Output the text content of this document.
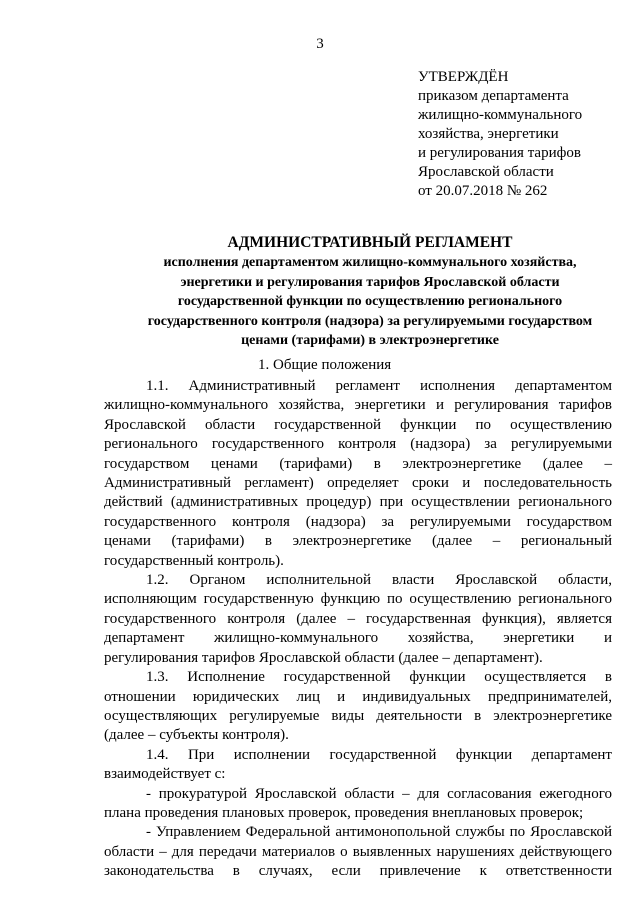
3
УТВЕРЖДЁН
приказом департамента
жилищно-коммунального
хозяйства, энергетики
и регулирования тарифов
Ярославской области
от 20.07.2018 № 262
АДМИНИСТРАТИВНЫЙ РЕГЛАМЕНТ
исполнения департаментом жилищно-коммунального хозяйства,
энергетики и регулирования тарифов Ярославской области
государственной функции по осуществлению регионального
государственного контроля (надзора) за регулируемыми государством
ценами (тарифами) в электроэнергетике
1. Общие положения
1.1. Административный регламент исполнения департаментом
жилищно-коммунального хозяйства, энергетики и регулирования тарифов
Ярославской области государственной функции по осуществлению
регионального государственного контроля (надзора) за регулируемыми
государством ценами (тарифами) в электроэнергетике (далее –
Административный регламент) определяет сроки и последовательность
действий (административных процедур) при осуществлении регионального
государственного контроля (надзора) за регулируемыми государством
ценами (тарифами) в электроэнергетике (далее – региональный
государственный контроль).
1.2. Органом исполнительной власти Ярославской области,
исполняющим государственную функцию по осуществлению регионального
государственного контроля (далее – государственная функция), является
департамент жилищно-коммунального хозяйства, энергетики и
регулирования тарифов Ярославской области (далее – департамент).
1.3. Исполнение государственной функции осуществляется в
отношении юридических лиц и индивидуальных предпринимателей,
осуществляющих регулируемые виды деятельности в электроэнергетике
(далее – субъекты контроля).
1.4. При исполнении государственной функции департамент
взаимодействует с:
- прокуратурой Ярославской области – для согласования ежегодного
плана проведения плановых проверок, проведения внеплановых проверок;
- Управлением Федеральной антимонопольной службы по Ярославской
области – для передачи материалов о выявленных нарушениях действующего
законодательства в случаях, если привлечение к ответственности
